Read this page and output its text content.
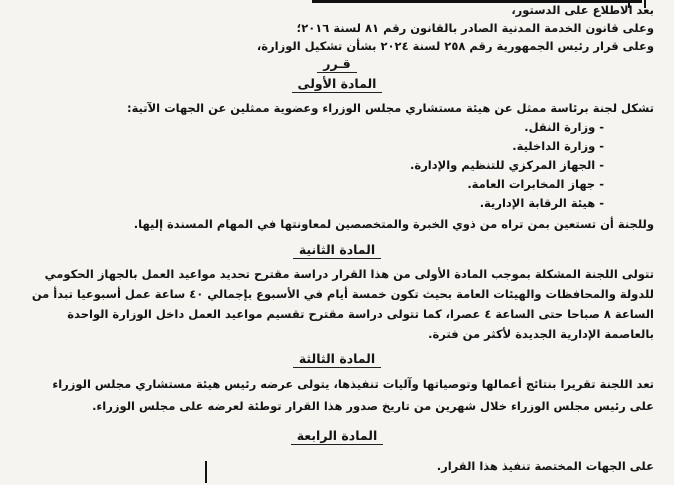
بعد الاطلاع على الدستور،
وعلى قانون الخدمة المدنية الصادر بالقانون رقم ٨١ لسنة ٢٠١٦؛
وعلى قرار رئيس الجمهورية رقم ٢٥٨ لسنة ٢٠٢٤ بشأن تشكيل الوزارة،
قـرر
المادة الأولى
تشكل لجنة برئاسة ممثل عن هيئة مستشاري مجلس الوزراء وعضوية ممثلين عن الجهات الآتية:
- وزارة النقل.
- وزارة الداخلية.
- الجهاز المركزي للتنظيم والإدارة.
- جهاز المخابرات العامة.
- هيئة الرقابة الإدارية.
وللجنة أن تستعين بمن تراه من ذوي الخبرة والمتخصصين لمعاونتها في المهام المسندة إليها.
المادة الثانية
تتولى اللجنة المشكلة بموجب المادة الأولى من هذا القرار دراسة مقترح تحديد مواعيد العمل بالجهاز الحكومي
للدولة والمحافظات والهيئات العامة بحيث تكون خمسة أيام في الأسبوع بإجمالي ٤٠ ساعة عمل أسبوعيا تبدأ من
الساعة ٨ صباحا حتى الساعة ٤ عصرا، كما تتولى دراسة مقترح تقسيم مواعيد العمل داخل الوزارة الواحدة
بالعاصمة الإدارية الجديدة لأكثر من فترة.
المادة الثالثة
تعد اللجنة تقريرا بنتائج أعمالها وتوصياتها وآليات تنفيذها، يتولى عرضه رئيس هيئة مستشاري مجلس الوزراء
على رئيس مجلس الوزراء خلال شهرين من تاريخ صدور هذا القرار توطئة لعرضه على مجلس الوزراء.
المادة الرابعة
على الجهات المختصة تنفيذ هذا القرار.
